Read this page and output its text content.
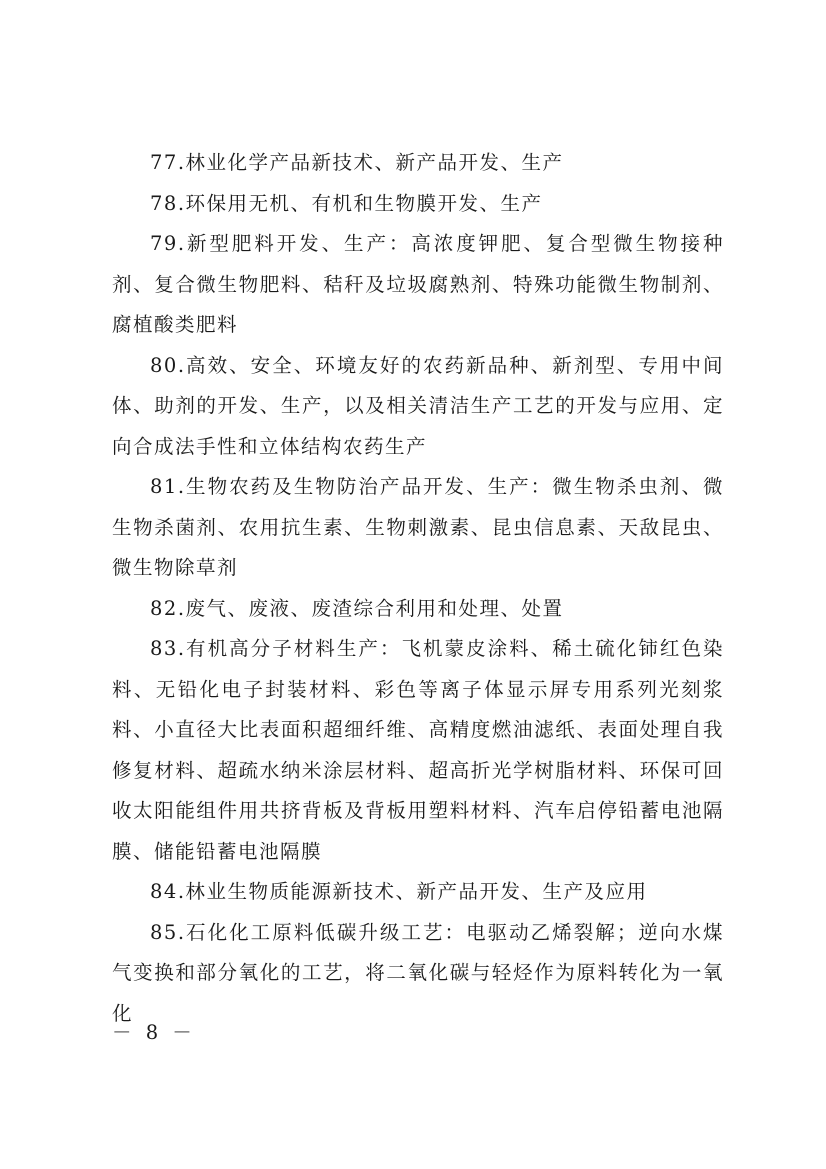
77.林业化学产品新技术、新产品开发、生产

78.环保用无机、有机和生物膜开发、生产

79.新型肥料开发、生产：高浓度钾肥、复合型微生物接种剂、复合微生物肥料、秸秆及垃圾腐熟剂、特殊功能微生物制剂、腐植酸类肥料

80.高效、安全、环境友好的农药新品种、新剂型、专用中间体、助剂的开发、生产，以及相关清洁生产工艺的开发与应用、定向合成法手性和立体结构农药生产

81.生物农药及生物防治产品开发、生产：微生物杀虫剂、微生物杀菌剂、农用抗生素、生物刺激素、昆虫信息素、天敌昆虫、微生物除草剂

82.废气、废液、废渣综合利用和处理、处置

83.有机高分子材料生产：飞机蒙皮涂料、稀土硫化铈红色染料、无铅化电子封装材料、彩色等离子体显示屏专用系列光刻浆料、小直径大比表面积超细纤维、高精度燃油滤纸、表面处理自我修复材料、超疏水纳米涂层材料、超高折光学树脂材料、环保可回收太阳能组件用共挤背板及背板用塑料材料、汽车启停铅蓄电池隔膜、储能铅蓄电池隔膜

84.林业生物质能源新技术、新产品开发、生产及应用

85.石化化工原料低碳升级工艺：电驱动乙烯裂解；逆向水煤气变换和部分氧化的工艺，将二氧化碳与轻烃作为原料转化为一氧化

－ 8 －
